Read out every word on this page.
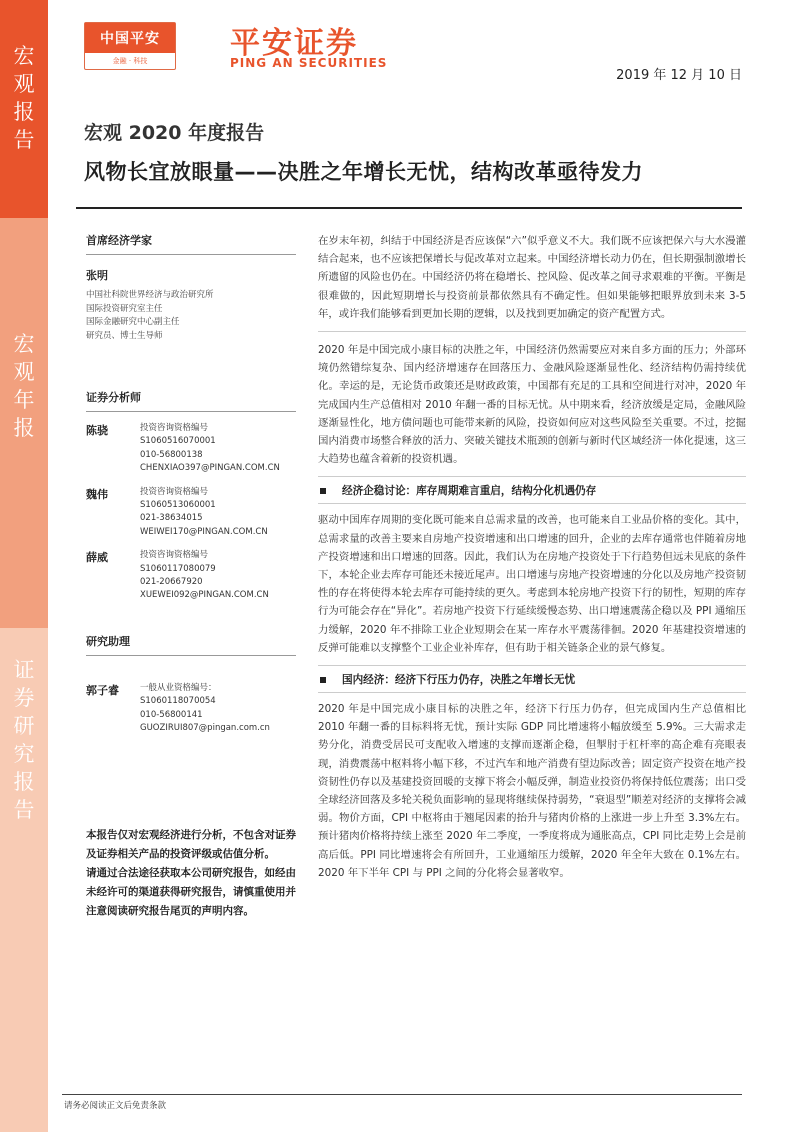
宏观报告
宏观年报
证券研究报告
中国平安
金融 · 科技	平安证券
PING AN SECURITIES
2019 年 12 月 10 日
宏观 2020 年度报告
风物长宜放眼量——决胜之年增长无忧，结构改革亟待发力
首席经济学家
张明
中国社科院世界经济与政治研究所
国际投资研究室主任
国际金融研究中心副主任
研究员、博士生导师
证券分析师
陈骁	投资咨询资格编号
S1060516070001
010-56800138
CHENXIAO397@PINGAN.COM.CN
魏伟	投资咨询资格编号
S1060513060001
021-38634015
WEIWEI170@PINGAN.COM.CN
薛威	投资咨询资格编号
S1060117080079
021-20667920
XUEWEI092@PINGAN.COM.CN
研究助理
郭子睿	一般从业资格编号：
S1060118070054
010-56800141
GUOZIRUI807@pingan.com.cn
本报告仅对宏观经济进行分析，不包含对证券及证券相关产品的投资评级或估值分析。
请通过合法途径获取本公司研究报告，如经由未经许可的渠道获得研究报告，请慎重使用并注意阅读研究报告尾页的声明内容。

在岁末年初，纠结于中国经济是否应该保“六”似乎意义不大。我们既不应该把保六与大水漫灌结合起来，也不应该把保增长与促改革对立起来。中国经济增长动力仍在，但长期强制激增长所遗留的风险也仍在。中国经济仍将在稳增长、控风险、促改革之间寻求艰难的平衡。平衡是很难做的，因此短期增长与投资前景都依然具有不确定性。但如果能够把眼界放到未来 3-5 年，或许我们能够看到更加长期的逻辑，以及找到更加确定的资产配置方式。

2020 年是中国完成小康目标的决胜之年，中国经济仍然需要应对来自多方面的压力；外部环境仍然错综复杂、国内经济增速存在回落压力、金融风险逐渐显性化、经济结构仍需持续优化。幸运的是，无论货币政策还是财政政策，中国都有充足的工具和空间进行对冲，2020 年完成国内生产总值相对 2010 年翻一番的目标无忧。从中期来看，经济放缓是定局，金融风险逐渐显性化，地方债问题也可能带来新的风险，投资如何应对这些风险至关重要。不过，挖掘国内消费市场整合释放的活力、突破关键技术瓶颈的创新与新时代区域经济一体化提速，这三大趋势也蕴含着新的投资机遇。

经济企稳讨论：库存周期难言重启，结构分化机遇仍存

驱动中国库存周期的变化既可能来自总需求量的改善，也可能来自工业品价格的变化。其中，总需求量的改善主要来自房地产投资增速和出口增速的回升，企业的去库存通常也伴随着房地产投资增速和出口增速的回落。因此，我们认为在房地产投资处于下行趋势但远未见底的条件下，本轮企业去库存可能还未接近尾声。出口增速与房地产投资增速的分化以及房地产投资韧性的存在将使得本轮去库存可能持续的更久。考虑到本轮房地产投资下行的韧性，短期的库存行为可能会存在“异化”。若房地产投资下行延续缓慢态势、出口增速震荡企稳以及 PPI 通缩压力缓解，2020 年不排除工业企业短期会在某一库存水平震荡徘徊。2020 年基建投资增速的反弹可能难以支撑整个工业企业补库存，但有助于相关链条企业的景气修复。

国内经济：经济下行压力仍存，决胜之年增长无忧

2020 年是中国完成小康目标的决胜之年，经济下行压力仍存，但完成国内生产总值相比 2010 年翻一番的目标料将无忧，预计实际 GDP 同比增速将小幅放缓至 5.9%。三大需求走势分化，消费受居民可支配收入增速的支撑而逐渐企稳，但掣肘于杠杆率的高企难有亮眼表现，消费震荡中枢料将小幅下移，不过汽车和地产消费有望边际改善；固定资产投资在地产投资韧性仍存以及基建投资回暖的支撑下将会小幅反弹，制造业投资仍将保持低位震荡；出口受全球经济回落及多轮关税负面影响的显现将继续保持弱势，“衰退型”顺差对经济的支撑将会减弱。物价方面，CPI 中枢将由于翘尾因素的抬升与猪肉价格的上涨进一步上升至 3.3%左右。预计猪肉价格将持续上涨至 2020 年二季度，一季度将成为通胀高点，CPI 同比走势上会是前高后低。PPI 同比增速将会有所回升，工业通缩压力缓解，2020 年全年大致在 0.1%左右。2020 年下半年 CPI 与 PPI 之间的分化将会显著收窄。

请务必阅读正文后免责条款
